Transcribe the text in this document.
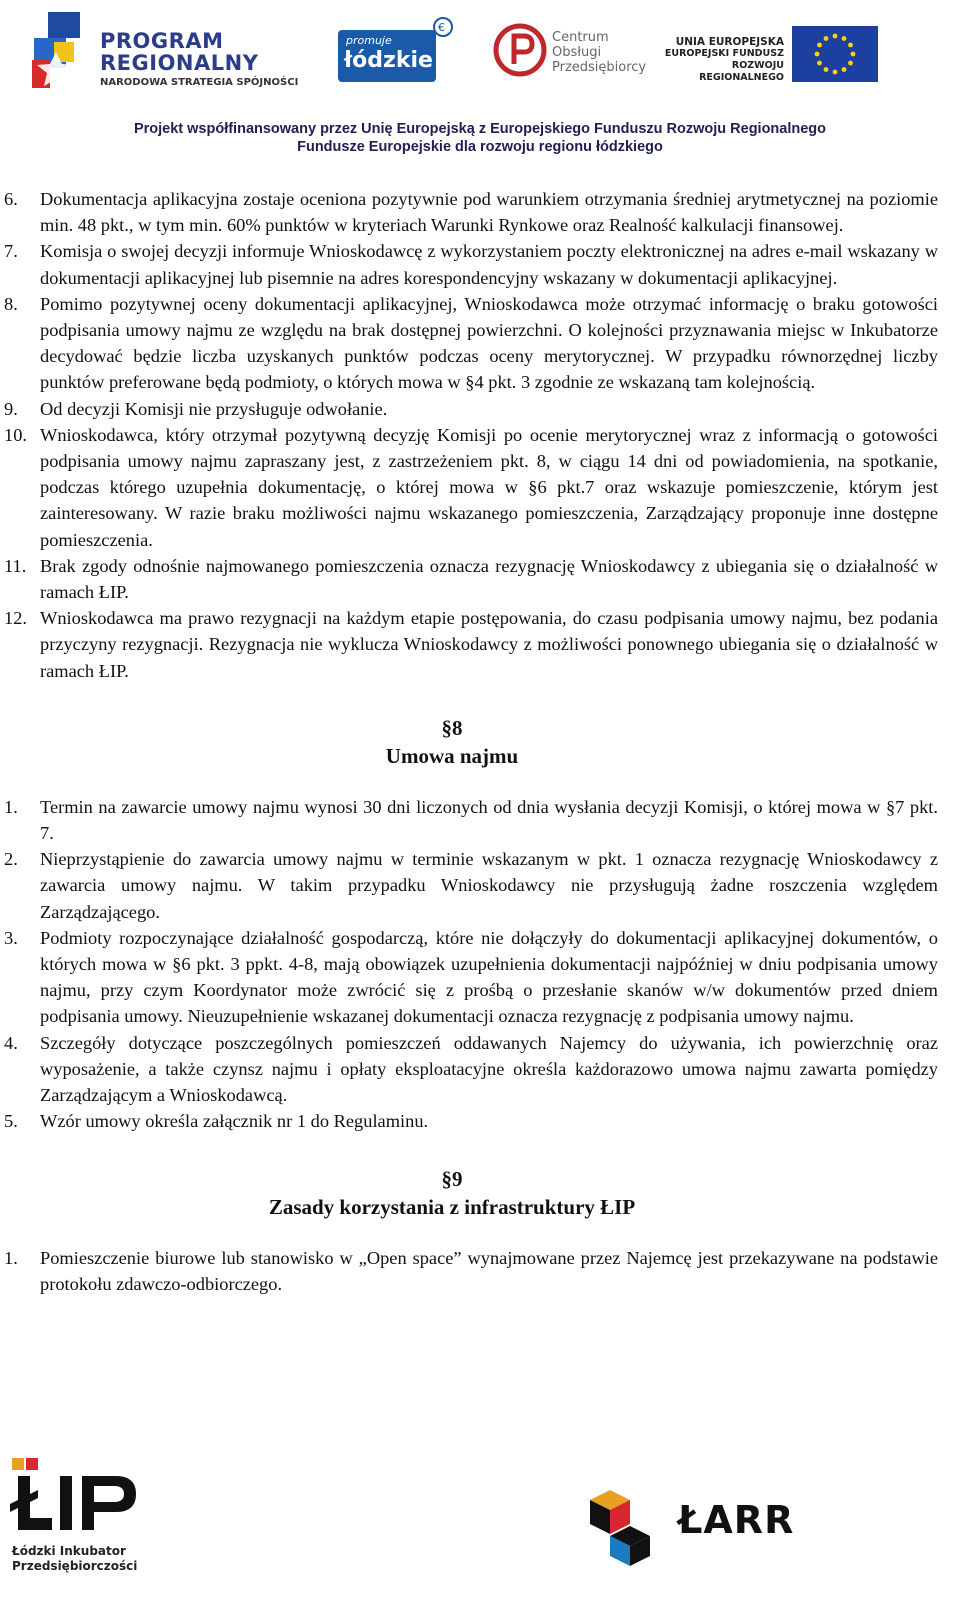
PROGRAM
REGIONALNY
NARODOWA STRATEGIA SPÓJNOŚCI
promuje
łódzkie
€
Centrum
Obsługi
Przedsiębiorcy
UNIA EUROPEJSKA
EUROPEJSKI FUNDUSZ
ROZWOJU REGIONALNEGO
Projekt współfinansowany przez Unię Europejską z Europejskiego Funduszu Rozwoju Regionalnego
Fundusze Europejskie dla rozwoju regionu łódzkiego
6. Dokumentacja aplikacyjna zostaje oceniona pozytywnie pod warunkiem otrzymania średniej arytmetycznej na poziomie min. 48 pkt., w tym min. 60% punktów w kryteriach Warunki Rynkowe oraz Realność kalkulacji finansowej.
7. Komisja o swojej decyzji informuje Wnioskodawcę z wykorzystaniem poczty elektronicznej na adres e-mail wskazany w dokumentacji aplikacyjnej lub pisemnie na adres korespondencyjny wskazany w dokumentacji aplikacyjnej.
8. Pomimo pozytywnej oceny dokumentacji aplikacyjnej, Wnioskodawca może otrzymać informację o braku gotowości podpisania umowy najmu ze względu na brak dostępnej powierzchni. O kolejności przyznawania miejsc w Inkubatorze decydować będzie liczba uzyskanych punktów podczas oceny merytorycznej. W przypadku równorzędnej liczby punktów preferowane będą podmioty, o których mowa w §4 pkt. 3 zgodnie ze wskazaną tam kolejnością.
9. Od decyzji Komisji nie przysługuje odwołanie.
10. Wnioskodawca, który otrzymał pozytywną decyzję Komisji po ocenie merytorycznej wraz z informacją o gotowości podpisania umowy najmu zapraszany jest, z zastrzeżeniem pkt. 8, w ciągu 14 dni od powiadomienia, na spotkanie, podczas którego uzupełnia dokumentację, o której mowa w §6 pkt.7 oraz wskazuje pomieszczenie, którym jest zainteresowany. W razie braku możliwości najmu wskazanego pomieszczenia, Zarządzający proponuje inne dostępne pomieszczenia.
11. Brak zgody odnośnie najmowanego pomieszczenia oznacza rezygnację Wnioskodawcy z ubiegania się o działalność w ramach ŁIP.
12. Wnioskodawca ma prawo rezygnacji na każdym etapie postępowania, do czasu podpisania umowy najmu, bez podania przyczyny rezygnacji. Rezygnacja nie wyklucza Wnioskodawcy z możliwości ponownego ubiegania się o działalność w ramach ŁIP.
§8
Umowa najmu
1. Termin na zawarcie umowy najmu wynosi 30 dni liczonych od dnia wysłania decyzji Komisji, o której mowa w §7 pkt. 7.
2. Nieprzystąpienie do zawarcia umowy najmu w terminie wskazanym w pkt. 1 oznacza rezygnację Wnioskodawcy z zawarcia umowy najmu. W takim przypadku Wnioskodawcy nie przysługują żadne roszczenia względem Zarządzającego.
3. Podmioty rozpoczynające działalność gospodarczą, które nie dołączyły do dokumentacji aplikacyjnej dokumentów, o których mowa w §6 pkt. 3 ppkt. 4-8, mają obowiązek uzupełnienia dokumentacji najpóźniej w dniu podpisania umowy najmu, przy czym Koordynator może zwrócić się z prośbą o przesłanie skanów w/w dokumentów przed dniem podpisania umowy. Nieuzupełnienie wskazanej dokumentacji oznacza rezygnację z podpisania umowy najmu.
4. Szczegóły dotyczące poszczególnych pomieszczeń oddawanych Najemcy do używania, ich powierzchnię oraz wyposażenie, a także czynsz najmu i opłaty eksploatacyjne określa każdorazowo umowa najmu zawarta pomiędzy Zarządzającym a Wnioskodawcą.
5. Wzór umowy określa załącznik nr 1 do Regulaminu.
§9
Zasady korzystania z infrastruktury ŁIP
1. Pomieszczenie biurowe lub stanowisko w „Open space” wynajmowane przez Najemcę jest przekazywane na podstawie protokołu zdawczo-odbiorczego.
Łódzki Inkubator
Przedsiębiorczości
ŁARR
